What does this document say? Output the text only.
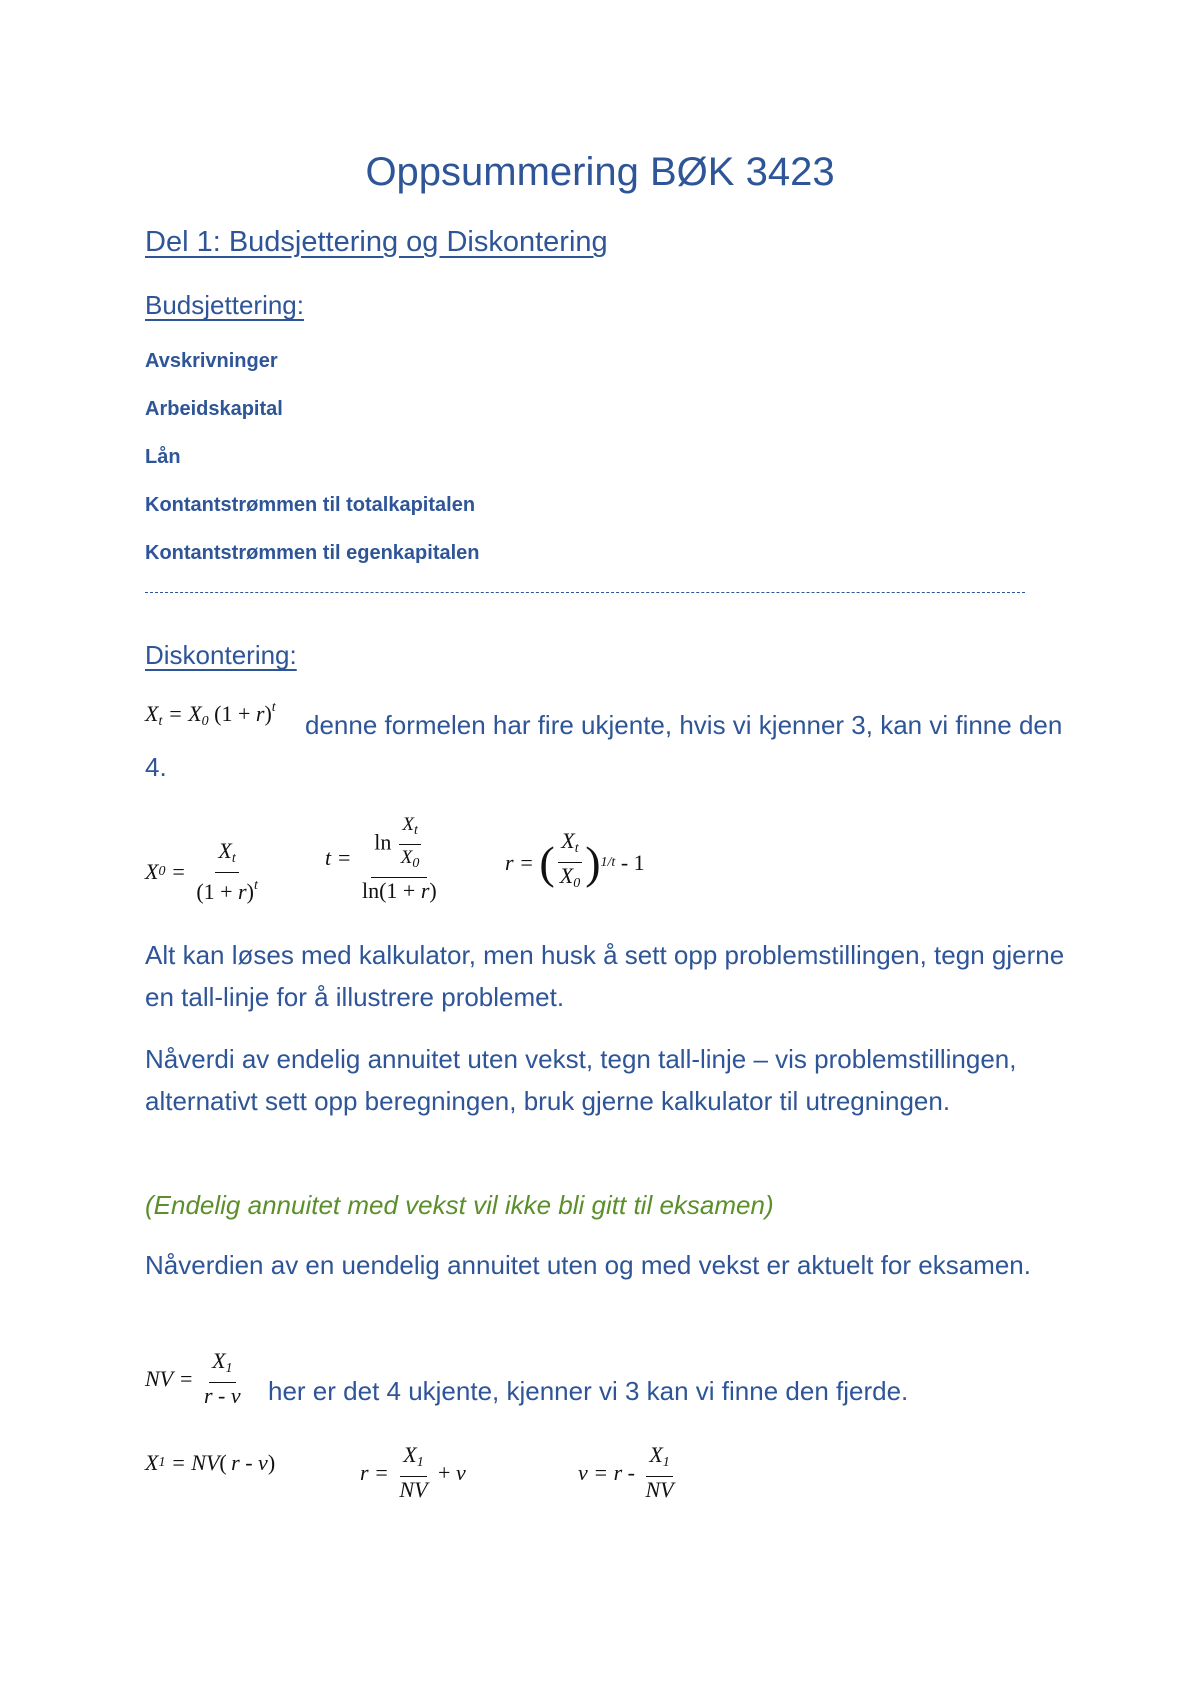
Oppsummering BØK 3423
Del 1: Budsjettering og Diskontering
Budsjettering:
Avskrivninger
Arbeidskapital
Lån
Kontantstrømmen til totalkapitalen
Kontantstrømmen til egenkapitalen
Diskontering:
$X_t = X_0$ $(1 + r)^t$
denne formelen har fire ukjente, hvis vi kjenner 3, kan vi finne den 4.
X $0 = \frac{X_t}{(1 + r)^t}$	$t = \frac{\ln \frac{X_t}{X_0}}{\ln(1 + r)}$	r = ( $\frac{X_t}{X_0}$ ) 1/t
- 1
Alt kan løses med kalkulator, men husk å sett opp problemstillingen, tegn gjerne en tall-linje for å illustrere problemet.
Nåverdi av endelig annuitet uten vekst, tegn tall-linje – vis problemstillingen, alternativt sett opp beregningen, bruk gjerne kalkulator til utregningen.
(Endelig annuitet med vekst vil ikke bli gitt til eksamen)
Nåverdien av en uendelig annuitet uten og med vekst er aktuelt for eksamen.
NV = $\frac{X_1}{r - v}$ her er det 4 ukjente, kjenner vi 3 kan vi finne den fjerde.
X 1 = NV (  r - v )	$r = \frac{X_1}{NV}$
+ v	$v = r - \frac{X_1}{NV}$
